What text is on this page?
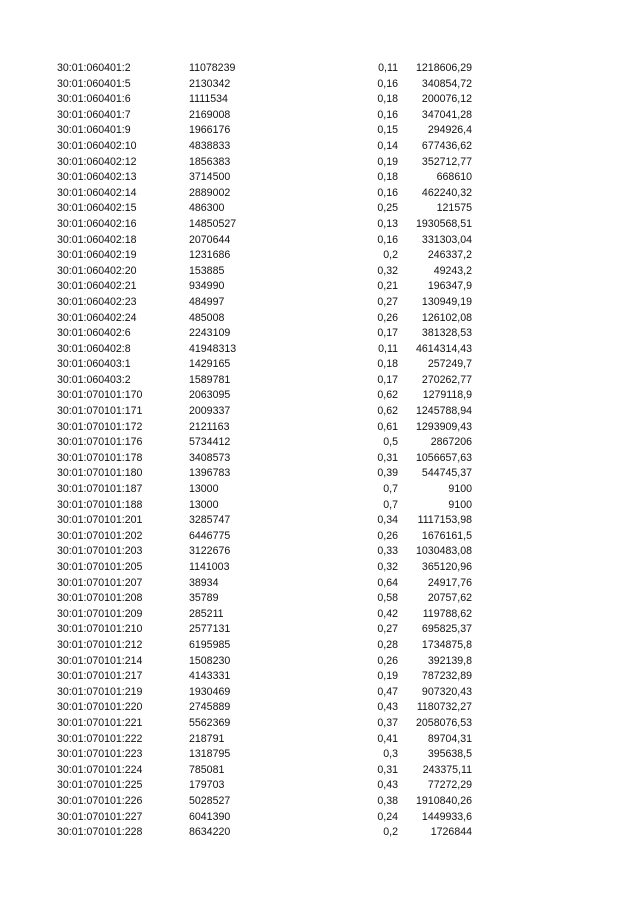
30:01:060401:2	11078239	0,11 1218606,29
30:01:060401:5	2130342	0,16 340854,72
30:01:060401:6	1111534	0,18 200076,12
30:01:060401:7	2169008	0,16 347041,28
30:01:060401:9	1966176	0,15	294926,4
30:01:060402:10	4838833	0,14 677436,62
30:01:060402:12	1856383	0,19 352712,77
30:01:060402:13	3714500	0,18	668610
30:01:060402:14	2889002	0,16 462240,32
30:01:060402:15	486300	0,25	121575
30:01:060402:16	14850527	0,13 1930568,51
30:01:060402:18	2070644	0,16 331303,04
30:01:060402:19	1231686	0,2	246337,2
30:01:060402:20	153885	0,32	49243,2
30:01:060402:21	934990	0,21	196347,9
30:01:060402:23	484997	0,27 130949,19
30:01:060402:24	485008	0,26 126102,08
30:01:060402:6	2243109	0,17 381328,53
30:01:060402:8	41948313	0,11 4614314,43
30:01:060403:1	1429165	0,18	257249,7
30:01:060403:2	1589781	0,17 270262,77
30:01:070101:170	2063095	0,62 1279118,9
30:01:070101:171	2009337	0,62 1245788,94
30:01:070101:172	2121163	0,61 1293909,43
30:01:070101:176	5734412	0,5	2867206
30:01:070101:178	3408573	0,31 1056657,63
30:01:070101:180	1396783	0,39 544745,37
30:01:070101:187	13000	0,7	9100
30:01:070101:188	13000	0,7	9100
30:01:070101:201	3285747	0,34 1117153,98
30:01:070101:202	6446775	0,26 1676161,5
30:01:070101:203	3122676	0,33 1030483,08
30:01:070101:205	1141003	0,32 365120,96
30:01:070101:207	38934	0,64	24917,76
30:01:070101:208	35789	0,58	20757,62
30:01:070101:209	285211	0,42 119788,62
30:01:070101:210	2577131	0,27 695825,37
30:01:070101:212	6195985	0,28 1734875,8
30:01:070101:214	1508230	0,26	392139,8
30:01:070101:217	4143331	0,19 787232,89
30:01:070101:219	1930469	0,47 907320,43
30:01:070101:220	2745889	0,43 1180732,27
30:01:070101:221	5562369	0,37 2058076,53
30:01:070101:222	218791	0,41	89704,31
30:01:070101:223	1318795	0,3	395638,5
30:01:070101:224	785081	0,31 243375,11
30:01:070101:225	179703	0,43	77272,29
30:01:070101:226	5028527	0,38 1910840,26
30:01:070101:227	6041390	0,24 1449933,6
30:01:070101:228	8634220	0,2	1726844
